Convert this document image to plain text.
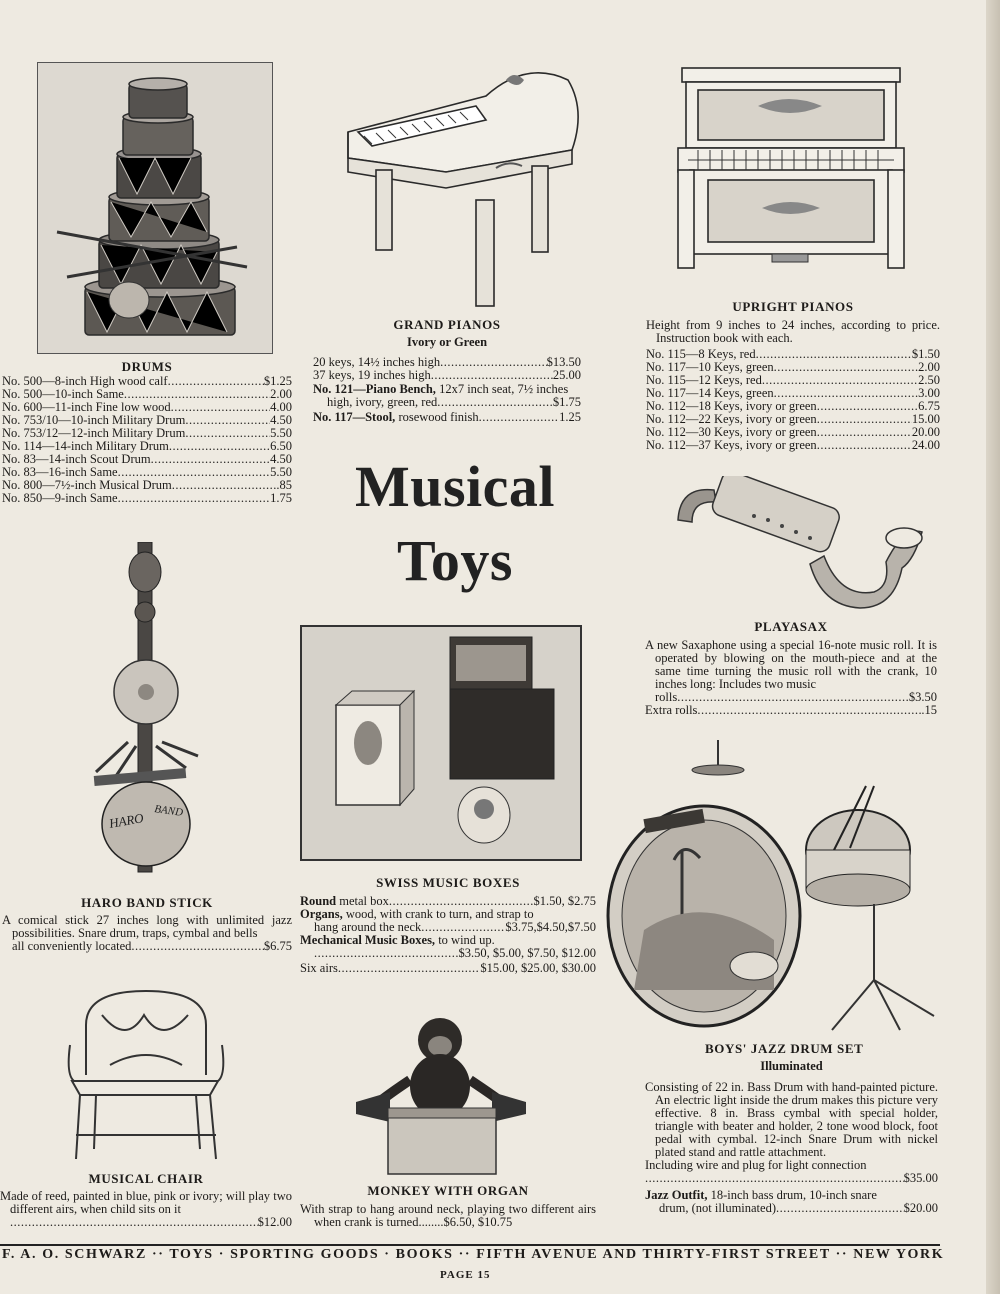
DRUMS
No. 500—8-inch High wood calf .....	$1.25
No. 500—10-inch Same .....	2.00
No. 600—11-inch Fine low wood .....	4.00
No. 753/10—10-inch Military Drum .....	4.50
No. 753/12—12-inch Military Drum .....	5.50
No. 114—14-inch Military Drum .....	6.50
No. 83—14-inch Scout Drum .....	4.50
No. 83—16-inch Same .....	5.50
No. 800—7½-inch Musical Drum .....	.85
No. 850—9-inch Same .....	1.75
GRAND PIANOS
Ivory or Green
20 keys, 14½ inches high .....	$13.50
37 keys, 19 inches high .....	25.00
No. 121—Piano Bench, 12x7 inch seat, 7½ inches
high, ivory, green, red .....	$1.75
No. 117—Stool, rosewood finish .....	1.25
UPRIGHT PIANOS
Height from 9 inches to 24 inches, according to price. Instruction book with each.
No. 115—8 Keys, red .....	$1.50
No. 117—10 Keys, green .....	2.00
No. 115—12 Keys, red .....	2.50
No. 117—14 Keys, green .....	3.00
No. 112—18 Keys, ivory or green .....	6.75
No. 112—22 Keys, ivory or green .....	15.00
No. 112—30 Keys, ivory or green .....	20.00
No. 112—37 Keys, ivory or green .....	24.00
Musical
Toys
PLAYASAX
A new Saxaphone using a special 16-note music roll. It is operated by blowing on the mouth-piece and at the same time turning the music roll with the crank, 10 inches long: Includes two music
rolls .....	$3.50
Extra rolls .....	.15
HARO BAND
HARO BAND STICK
A comical stick 27 inches long with unlimited jazz possibilities. Snare drum, traps, cymbal and bells
all conveniently located .....	$6.75
SWISS MUSIC BOXES
Round metal box .....	$1.50, $2.75
Organs, wood, with crank to turn, and strap to
hang around the neck .....	$3.75,$4.50,$7.50
Mechanical Music Boxes, to wind up.
.....
$3.50, $5.00, $7.50, $12.00
Six airs .....	$15.00, $25.00, $30.00
BOYS' JAZZ DRUM SET
Illuminated
Consisting of 22 in. Bass Drum with hand-painted picture. An electric light inside the drum makes this picture very effective. 8 in. Brass cymbal with special holder, triangle with beater and holder, 2 tone wood block, foot pedal with cymbal. 12-inch Snare Drum with nickel plated stand and rattle attachment.
Including wire and plug for light connection
.....
$35.00
Jazz Outfit, 18-inch bass drum, 10-inch snare
drum, (not illuminated) .....	$20.00
MUSICAL CHAIR
Made of reed, painted in blue, pink or ivory; will play two different airs, when child sits on it
.....
$12.00
MONKEY WITH ORGAN
With strap to hang around neck, playing two different airs when crank is turned........$6.50, $10.75
F. A. O. SCHWARZ ·· TOYS · SPORTING GOODS · BOOKS ·· FIFTH AVENUE AND THIRTY-FIRST STREET ·· NEW YORK
PAGE 15
